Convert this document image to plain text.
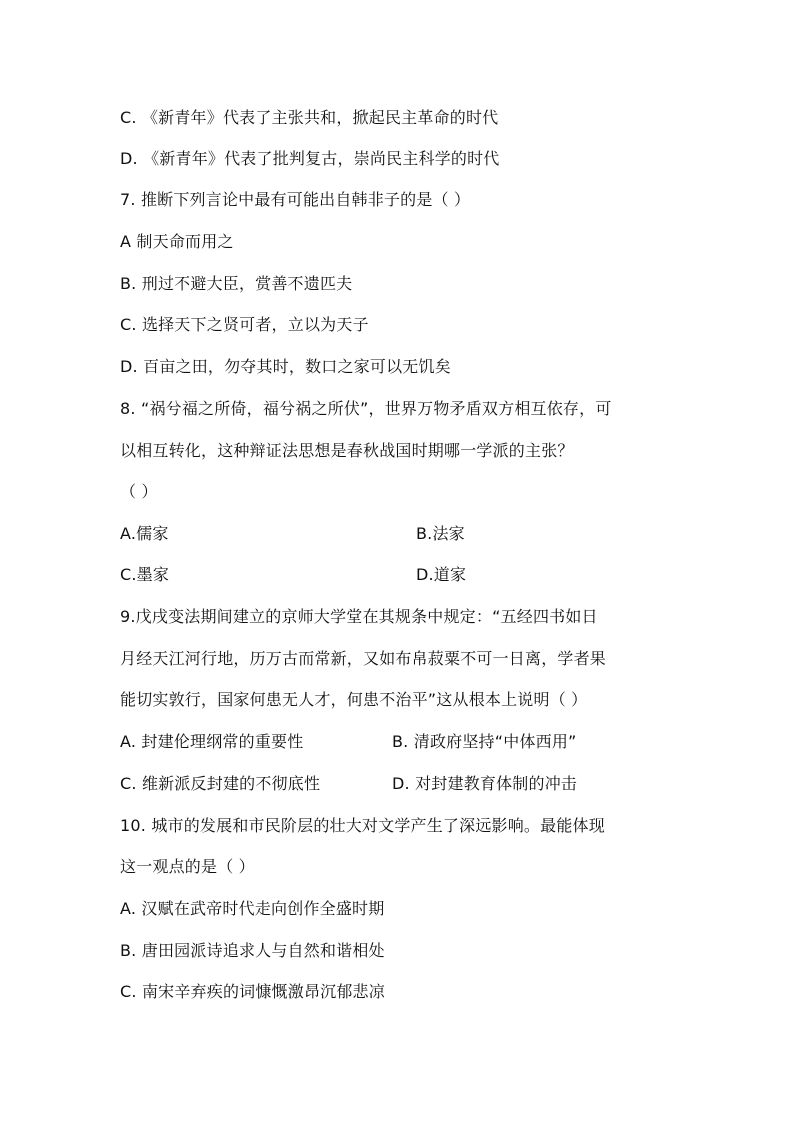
C. 《新青年》代表了主张共和，掀起民主革命的时代
D. 《新青年》代表了批判复古，崇尚民主科学的时代
7. 推断下列言论中最有可能出自韩非子的是（ ）
A 制天命而用之
B. 刑过不避大臣，赏善不遗匹夫
C. 选择天下之贤可者，立以为天子
D. 百亩之田，勿夺其时，数口之家可以无饥矣
8. “祸兮福之所倚，福兮祸之所伏”，世界万物矛盾双方相互依存，可
以相互转化，这种辩证法思想是春秋战国时期哪一学派的主张？
（ ）
A.儒家	B.法家
C.墨家	D.道家
9.戊戌变法期间建立的京师大学堂在其规条中规定：“五经四书如日
月经天江河行地，历万古而常新，又如布帛菽粟不可一日离，学者果
能切实敦行，国家何患无人才，何患不治平”这从根本上说明（ ）
A. 封建伦理纲常的重要性	B. 清政府坚持“中体西用”
C. 维新派反封建的不彻底性	D. 对封建教育体制的冲击
10. 城市的发展和市民阶层的壮大对文学产生了深远影响。最能体现
这一观点的是（ ）
A. 汉赋在武帝时代走向创作全盛时期
B. 唐田园派诗追求人与自然和谐相处
C. 南宋辛弃疾的词慷慨激昂沉郁悲凉
